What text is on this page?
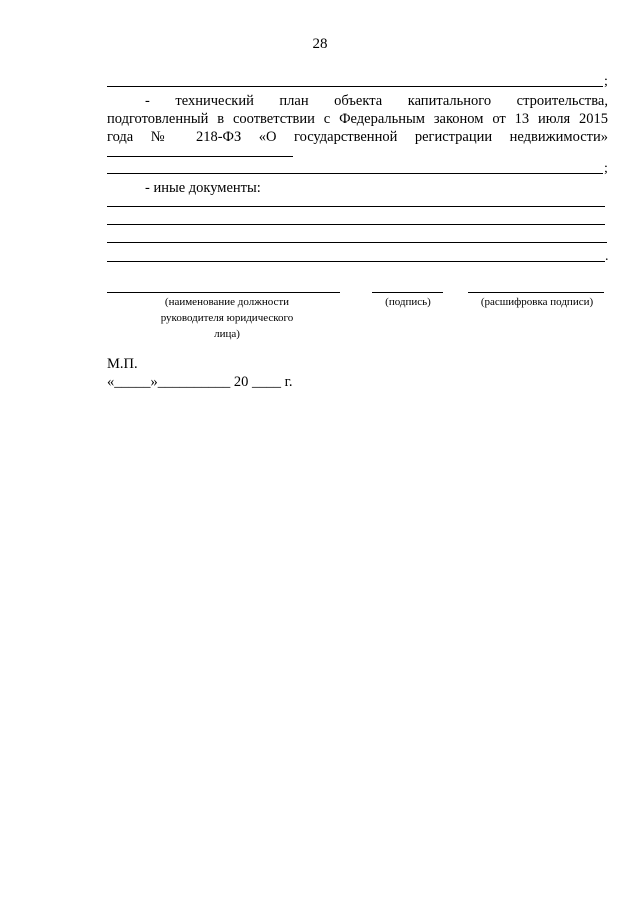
28
;
- технический план объекта капитального строительства,
подготовленный в соответствии с Федеральным законом от 13 июля 2015
года № 218-ФЗ «О государственной регистрации недвижимости»
;
- иные документы:
.
(наименование должности
руководителя юридического
лица)
(подпись)	(расшифровка подписи)
М.П.
«_____»__________ 20 ____ г.
